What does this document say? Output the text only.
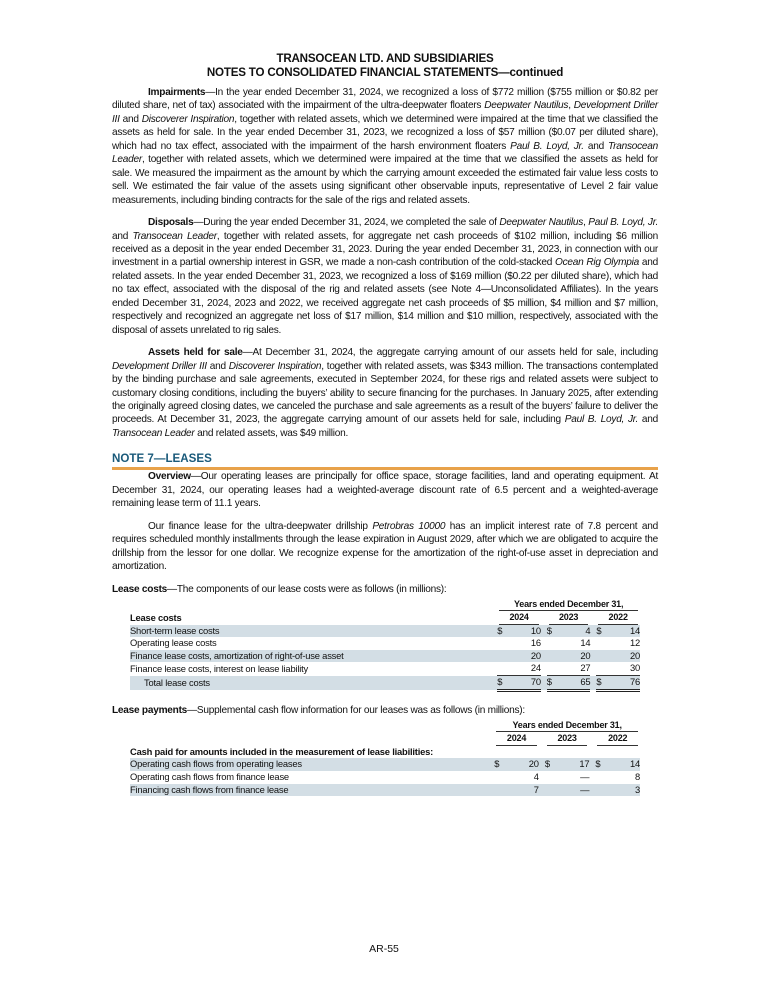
TRANSOCEAN LTD. AND SUBSIDIARIES
NOTES TO CONSOLIDATED FINANCIAL STATEMENTS—continued

Impairments—In the year ended December 31, 2024, we recognized a loss of $772 million ($755 million or $0.82 per diluted share, net of tax) associated with the impairment of the ultra-deepwater floaters Deepwater Nautilus, Development Driller III and Discoverer Inspiration, together with related assets, which we determined were impaired at the time that we classified the assets as held for sale. In the year ended December 31, 2023, we recognized a loss of $57 million ($0.07 per diluted share), which had no tax effect, associated with the impairment of the harsh environment floaters Paul B. Loyd, Jr. and Transocean Leader, together with related assets, which we determined were impaired at the time that we classified the assets as held for sale. We measured the impairment as the amount by which the carrying amount exceeded the estimated fair value less costs to sell. We estimated the fair value of the assets using significant other observable inputs, representative of Level 2 fair value measurements, including binding contracts for the sale of the rigs and related assets.

Disposals—During the year ended December 31, 2024, we completed the sale of Deepwater Nautilus, Paul B. Loyd, Jr. and Transocean Leader, together with related assets, for aggregate net cash proceeds of $102 million, including $6 million received as a deposit in the year ended December 31, 2023. During the year ended December 31, 2023, in connection with our investment in a partial ownership interest in GSR, we made a non-cash contribution of the cold-stacked Ocean Rig Olympia and related assets. In the year ended December 31, 2023, we recognized a loss of $169 million ($0.22 per diluted share), which had no tax effect, associated with the disposal of the rig and related assets (see Note 4—Unconsolidated Affiliates). In the years ended December 31, 2024, 2023 and 2022, we received aggregate net cash proceeds of $5 million, $4 million and $7 million, respectively and recognized an aggregate net loss of $17 million, $14 million and $10 million, respectively, associated with the disposal of assets unrelated to rig sales.

Assets held for sale—At December 31, 2024, the aggregate carrying amount of our assets held for sale, including Development Driller III and Discoverer Inspiration, together with related assets, was $343 million. The transactions contemplated by the binding purchase and sale agreements, executed in September 2024, for these rigs and related assets were subject to customary closing conditions, including the buyers’ ability to secure financing for the purchases. In January 2025, after extending the originally agreed closing dates, we canceled the purchase and sale agreements as a result of the buyers’ failure to deliver the proceeds. At December 31, 2023, the aggregate carrying amount of our assets held for sale, including Paul B. Loyd, Jr. and Transocean Leader and related assets, was $49 million.

NOTE 7—LEASES

Overview—Our operating leases are principally for office space, storage facilities, land and operating equipment. At December 31, 2024, our operating leases had a weighted-average discount rate of 6.5 percent and a weighted-average remaining lease term of 11.1 years.

Our finance lease for the ultra-deepwater drillship Petrobras 10000 has an implicit interest rate of 7.8 percent and requires scheduled monthly installments through the lease expiration in August 2029, after which we are obligated to acquire the drillship from the lessor for one dollar. We recognize expense for the amortization of the right-of-use asset in depreciation and amortization.

Lease costs—The components of our lease costs were as follows (in millions):

	Years ended December 31,							

Lease costs	2024			2023			2022	

Short-term lease costs	$	10		$	4		$	14
Operating lease costs		16			14			12
Finance lease costs, amortization of right-of-use asset		20			20			20
Finance lease costs, interest on lease liability		24			27			30
Total lease costs	$	70		$	65		$	76
Lease payments—Supplemental cash flow information for our leases was as follows (in millions):

	Years ended December 31,							

	2024			2023			2022	

Cash paid for amounts included in the measurement of lease liabilities:								
Operating cash flows from operating leases	$	20		$	17		$	14
Operating cash flows from finance lease		4			—			8
Financing cash flows from finance lease		7			—			3
AR-55
